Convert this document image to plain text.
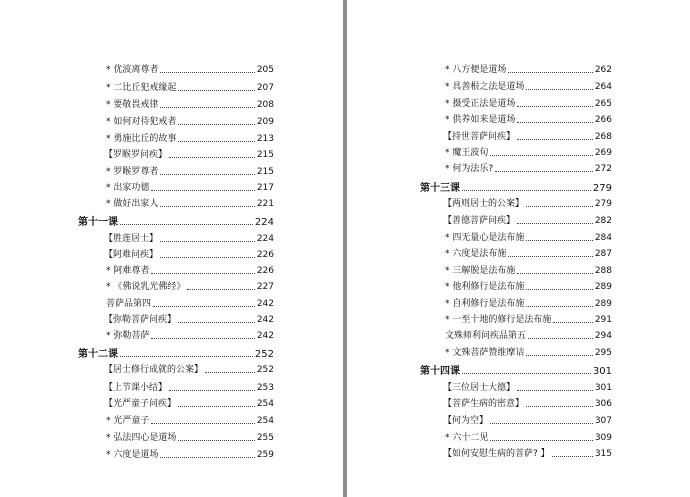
* 优波离尊者	205
* 二比丘犯戒缘起	207
* 要敬畏戒律	208
* 如何对待犯戒者	209
* 勇施比丘的故事	213
【罗睺罗问疾】	215
* 罗睺罗尊者	215
* 出家功德	217
* 做好出家人	221
第十一课	224
【胜莲居士】	224
【阿难问疾】	226
* 阿难尊者	226
* 《佛说乳光佛经》	227
菩萨品第四	242
【弥勒菩萨问疾】	242
* 弥勒菩萨	242
第十二课	252
【居士修行成就的公案】	252
【上节课小结】	253
【光严童子问疾】	254
* 光严童子	254
* 弘法四心是道场	255
* 六度是道场	259
* 八方便是道场	262
* 具善根之法是道场	264
* 摄受正法是道场	265
* 供养如来是道场	266
【持世菩萨问疾】	268
* 魔王波旬	269
* 何为法乐?	272
第十三课	279
【两则居士的公案】	279
【善德菩萨问疾】	282
* 四无量心是法布施	284
* 六度是法布施	287
* 三解脱是法布施	288
* 他利修行是法布施	289
* 自利修行是法布施	289
* 一至十地的修行是法布施	291
文殊师利问疾品第五	294
* 文殊菩萨赞维摩诘	295
第十四课	301
【三位居士大德】	301
【菩萨生病的密意】	306
【何为空】	307
* 六十二见	309
【如何安慰生病的菩萨? 】	315
